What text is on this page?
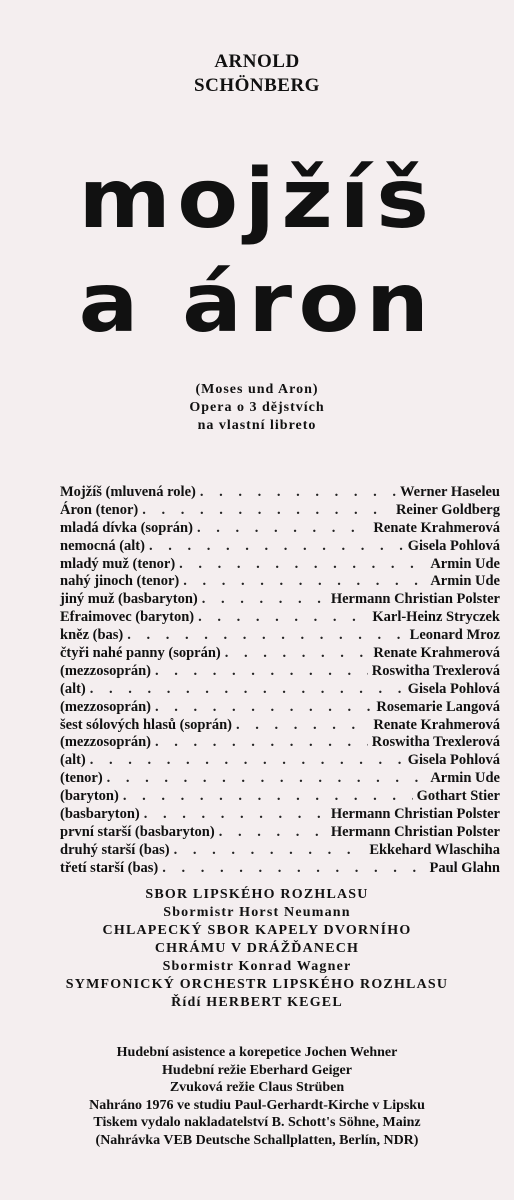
ARNOLD
SCHÖNBERG
mojžíš
a áron
(Moses und Aron)
Opera o 3 dějstvích
na vlastní libreto
Mojžíš (mluvená role) . . .	Werner Haseleu
Áron (tenor) . . .	Reiner Goldberg
mladá dívka (soprán) . . .	Renate Krahmerová
nemocná (alt) . . .	Gisela Pohlová
mladý muž (tenor) . . .	Armin Ude
nahý jinoch (tenor) . . .	Armin Ude
jiný muž (basbaryton) . . .	Hermann Christian Polster
Efraimovec (baryton) . . .	Karl-Heinz Stryczek
kněz (bas) . . .	Leonard Mroz
čtyři nahé panny (soprán) . . .	Renate Krahmerová
(mezzosoprán) . . .	Roswitha Trexlerová
(alt) . . .	Gisela Pohlová
(mezzosoprán) . . .	Rosemarie Langová
šest sólových hlasů (soprán) . . .	Renate Krahmerová
(mezzosoprán) . . .	Roswitha Trexlerová
(alt) . . .	Gisela Pohlová
(tenor) . . .	Armin Ude
(baryton) . . .	Gothart Stier
(basbaryton) . . .	Hermann Christian Polster
první starší (basbaryton) . . .	Hermann Christian Polster
druhý starší (bas) . . .	Ekkehard Wlaschiha
třetí starší (bas) . . .	Paul Glahn
SBOR LIPSKÉHO ROZHLASU
Sbormistr Horst Neumann
CHLAPECKÝ SBOR KAPELY DVORNÍHO
CHRÁMU V DRÁŽĎANECH
Sbormistr Konrad Wagner
SYMFONICKÝ ORCHESTR LIPSKÉHO ROZHLASU
Řídí HERBERT KEGEL
Hudební asistence a korepetice Jochen Wehner
Hudební režie Eberhard Geiger
Zvuková režie Claus Strüben
Nahráno 1976 ve studiu Paul-Gerhardt-Kirche v Lipsku
Tiskem vydalo nakladatelství B. Schott's Söhne, Mainz
(Nahrávka VEB Deutsche Schallplatten, Berlín, NDR)
